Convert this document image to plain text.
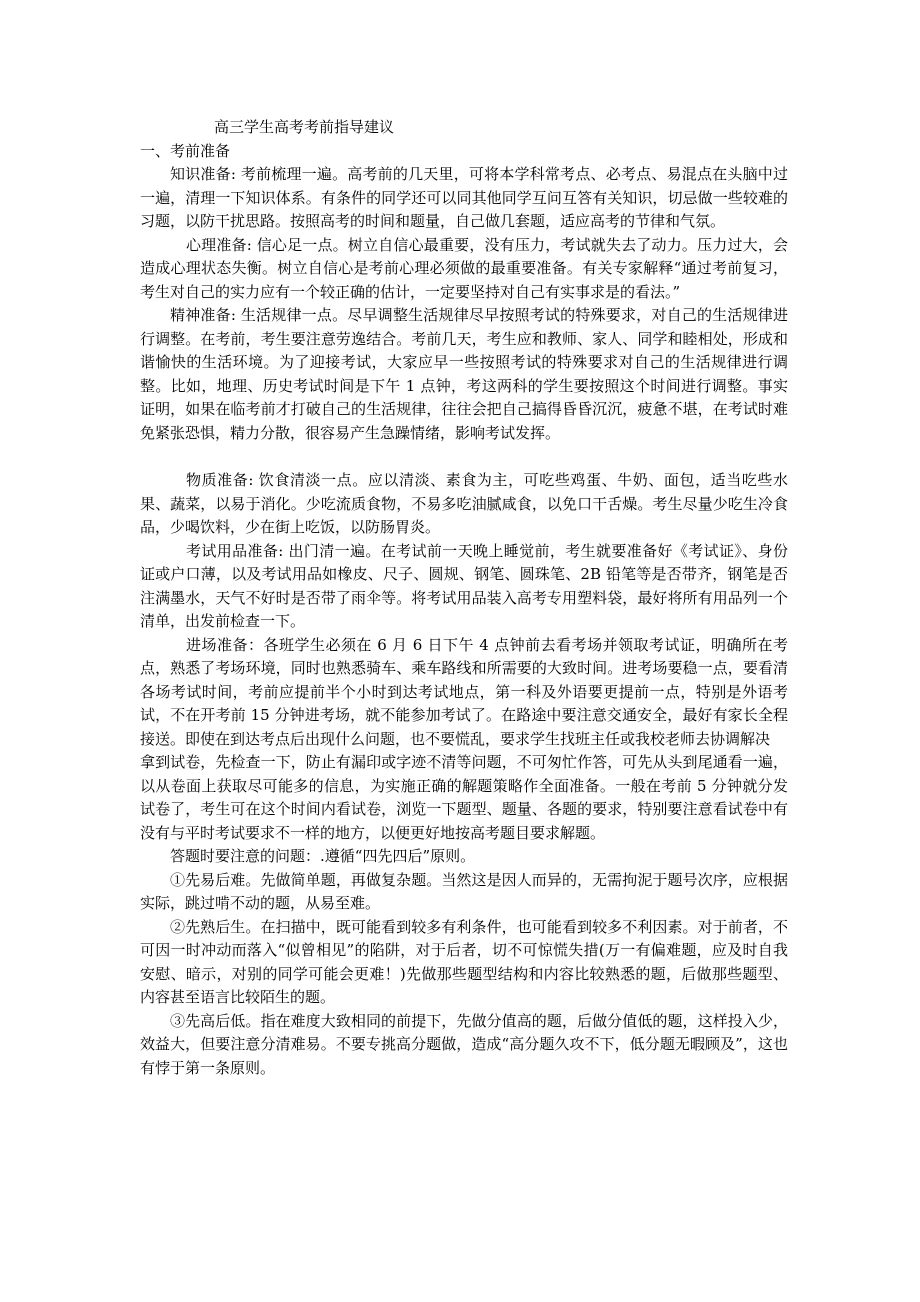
高三学生高考考前指导建议

一、考前准备

知识准备: 考前梳理一遍。高考前的几天里，可将本学科常考点、必考点、易混点在头脑中过一遍，清理一下知识体系。有条件的同学还可以同其他同学互问互答有关知识，切忌做一些较难的习题，以防干扰思路。按照高考的时间和题量，自己做几套题，适应高考的节律和气氛。

心理准备: 信心足一点。树立自信心最重要，没有压力，考试就失去了动力。压力过大，会造成心理状态失衡。树立自信心是考前心理必须做的最重要准备。有关专家解释“通过考前复习，考生对自己的实力应有一个较正确的估计，一定要坚持对自己有实事求是的看法。”

精神准备: 生活规律一点。尽早调整生活规律尽早按照考试的特殊要求，对自己的生活规律进行调整。在考前，考生要注意劳逸结合。考前几天，考生应和教师、家人、同学和睦相处，形成和谐愉快的生活环境。为了迎接考试，大家应早一些按照考试的特殊要求对自己的生活规律进行调整。比如，地理、历史考试时间是下午 1 点钟，考这两科的学生要按照这个时间进行调整。事实证明，如果在临考前才打破自己的生活规律，往往会把自己搞得昏昏沉沉，疲惫不堪，在考试时难免紧张恐惧，精力分散，很容易产生急躁情绪，影响考试发挥。

物质准备: 饮食清淡一点。应以清淡、素食为主，可吃些鸡蛋、牛奶、面包，适当吃些水果、蔬菜，以易于消化。少吃流质食物，不易多吃油腻咸食，以免口干舌燥。考生尽量少吃生冷食品，少喝饮料，少在街上吃饭，以防肠胃炎。

考试用品准备: 出门清一遍。在考试前一天晚上睡觉前，考生就要准备好《考试证》、身份证或户口薄，以及考试用品如橡皮、尺子、圆规、钢笔、圆珠笔、2B 铅笔等是否带齐，钢笔是否注满墨水，天气不好时是否带了雨伞等。将考试用品装入高考专用塑料袋，最好将所有用品列一个清单，出发前检查一下。

进场准备：各班学生必须在 6 月 6 日下午 4 点钟前去看考场并领取考试证，明确所在考点，熟悉了考场环境，同时也熟悉骑车、乘车路线和所需要的大致时间。进考场要稳一点，要看清各场考试时间，考前应提前半个小时到达考试地点，第一科及外语要更提前一点，特别是外语考试，不在开考前 15 分钟进考场，就不能参加考试了。在路途中要注意交通安全，最好有家长全程接送。即使在到达考点后出现什么问题，也不要慌乱，要求学生找班主任或我校老师去协调解决

拿到试卷，先检查一下，防止有漏印或字迹不清等问题，不可匆忙作答，可先从头到尾通看一遍，以从卷面上获取尽可能多的信息，为实施正确的解题策略作全面准备。一般在考前 5 分钟就分发试卷了，考生可在这个时间内看试卷，浏览一下题型、题量、各题的要求，特别要注意看试卷中有没有与平时考试要求不一样的地方，以便更好地按高考题目要求解题。

答题时要注意的问题：.遵循“四先四后”原则。

①先易后难。先做简单题，再做复杂题。当然这是因人而异的，无需拘泥于题号次序，应根据实际，跳过啃不动的题，从易至难。

②先熟后生。在扫描中，既可能看到较多有利条件，也可能看到较多不利因素。对于前者，不可因一时冲动而落入“似曾相见”的陷阱，对于后者，切不可惊慌失措(万一有偏难题，应及时自我安慰、暗示，对别的同学可能会更难！)先做那些题型结构和内容比较熟悉的题，后做那些题型、内容甚至语言比较陌生的题。

③先高后低。指在难度大致相同的前提下，先做分值高的题，后做分值低的题，这样投入少，效益大，但要注意分清难易。不要专挑高分题做，造成“高分题久攻不下，低分题无暇顾及”，这也有悖于第一条原则。
